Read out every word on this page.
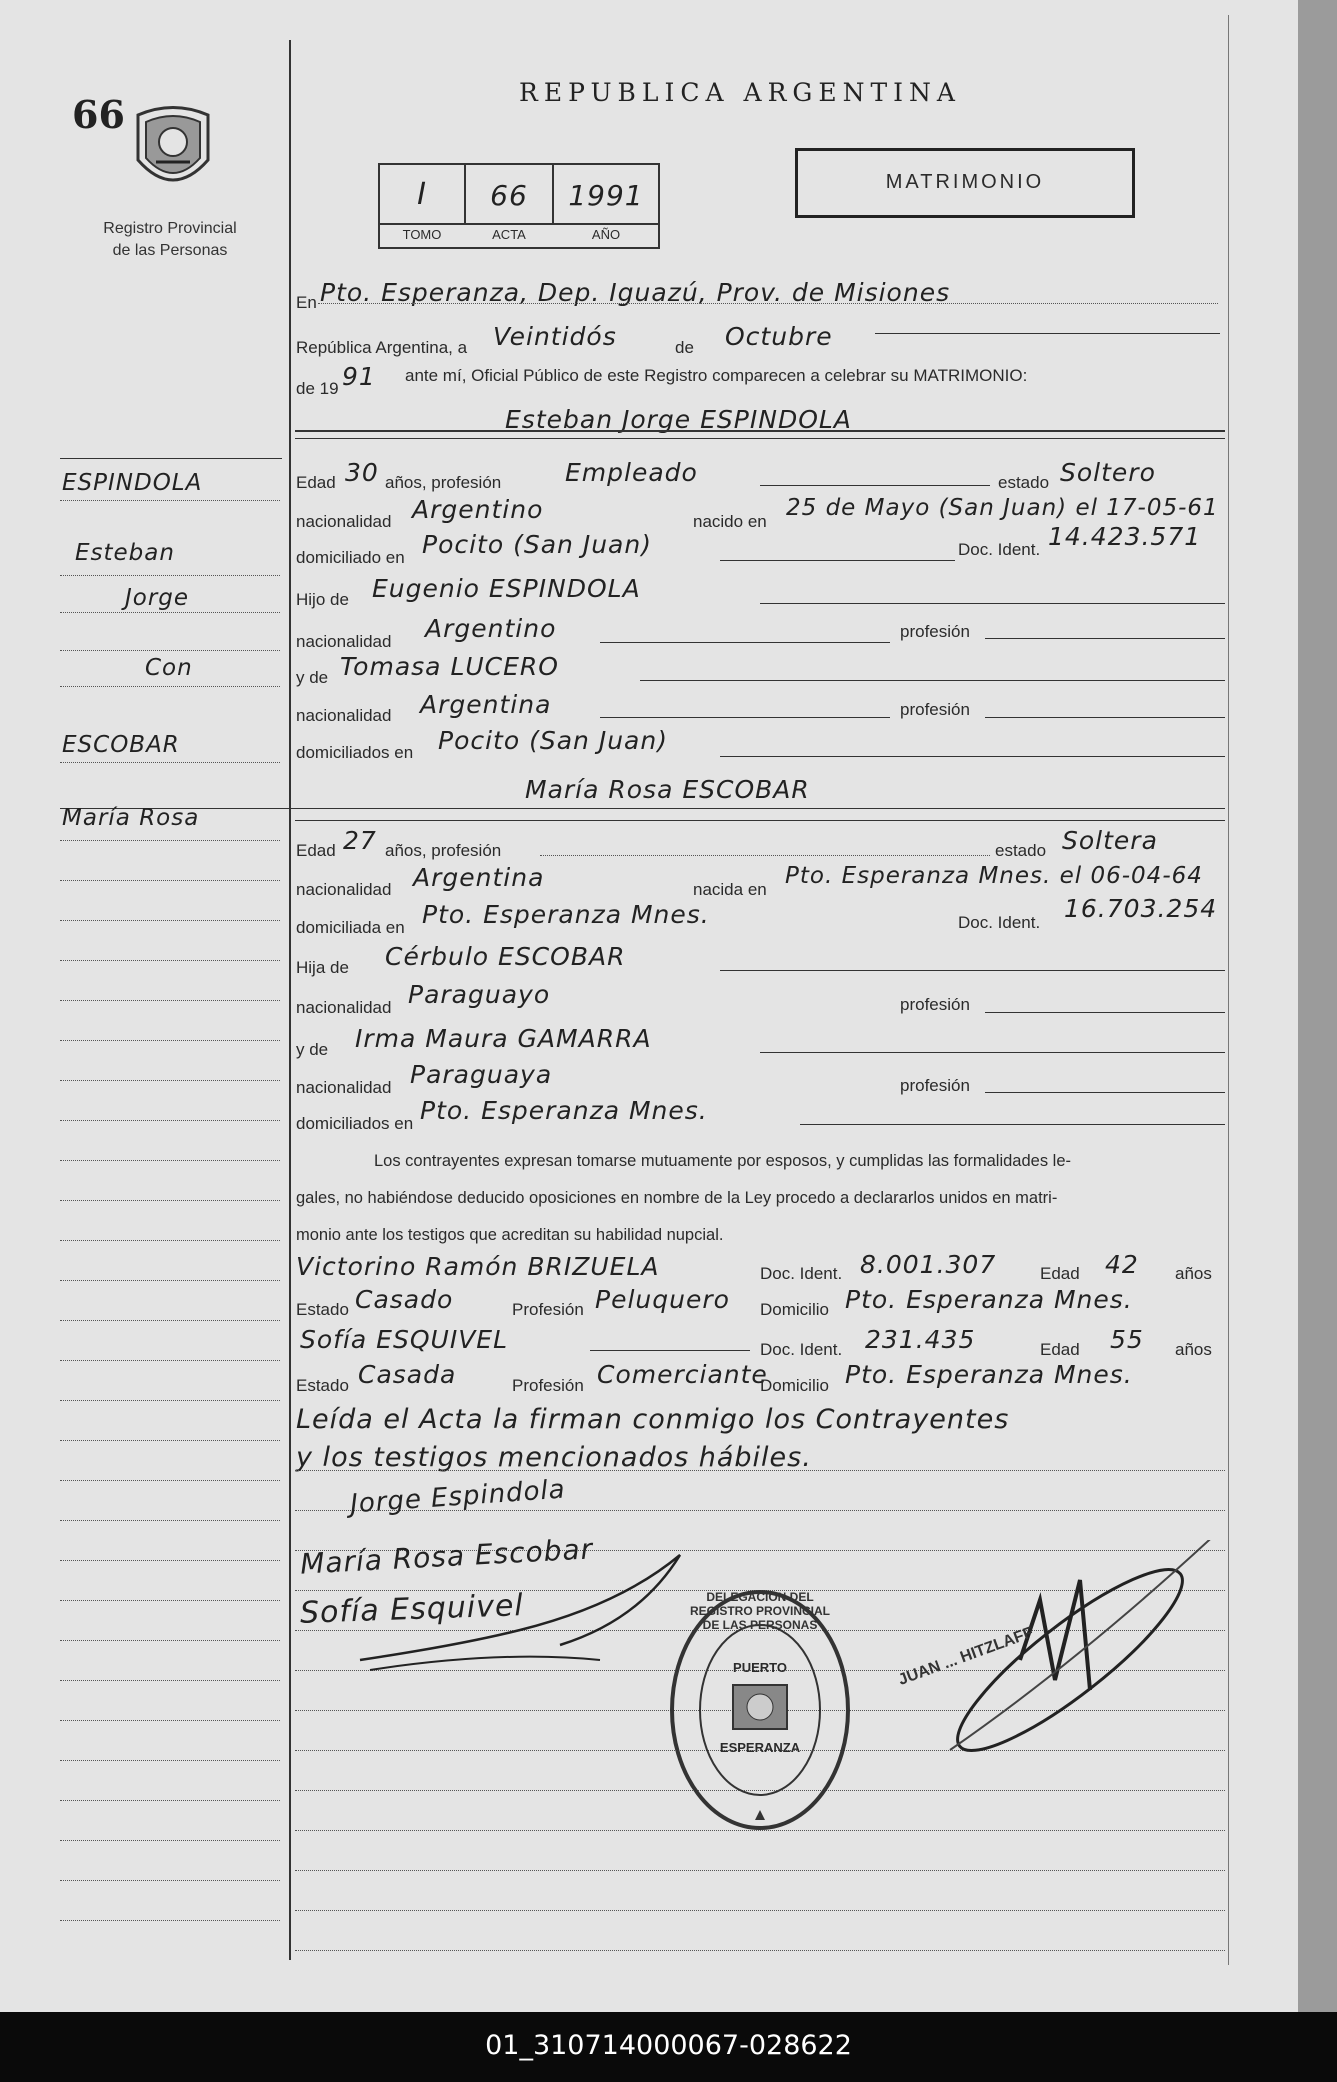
66
Registro Provincial
de las Personas
REPUBLICA ARGENTINA
I	66	1991
TOMO	ACTA	AÑO
MATRIMONIO
ESPINDOLA
Esteban
Jorge
Con
ESCOBAR
María Rosa
En Pto. Esperanza, Dep. Iguazú, Prov. de Misiones
República Argentina, a Veintidós	de Octubre
de 19 91 ante mí, Oficial Público de este Registro comparecen a celebrar su MATRIMONIO:
Esteban Jorge ESPINDOLA
Edad 30 años, profesión	Empleado	estado Soltero
nacionalidad Argentino	nacido en
25 de Mayo (San Juan) el 17-05-61
domiciliado en Pocito (San Juan)	Doc. Ident. 14.423.571
Hijo de Eugenio ESPINDOLA
nacionalidad Argentino	profesión
y de Tomasa LUCERO
nacionalidad Argentina	profesión
domiciliados en Pocito (San Juan)
María Rosa ESCOBAR
Edad 27 años, profesión	estado Soltera
nacionalidad Argentina	nacida en
Pto. Esperanza Mnes. el 06-04-64
domiciliada en Pto. Esperanza Mnes.	Doc. Ident. 16.703.254
Hija de Cérbulo ESCOBAR
nacionalidad Paraguayo	profesión
y de Irma Maura GAMARRA
nacionalidad Paraguaya	profesión
domiciliados en Pto. Esperanza Mnes.
Los contrayentes expresan tomarse mutuamente por esposos, y cumplidas las formalidades le-
gales, no habiéndose deducido oposiciones en nombre de la Ley procedo a declararlos unidos en matri-
monio ante los testigos que acreditan su habilidad nupcial.
Victorino Ramón BRIZUELA	Doc. Ident. 8.001.307	Edad 42 años
Estado Casado	Profesión Peluquero Domicilio Pto. Esperanza Mnes.
Sofía ESQUIVEL	Doc. Ident. 231.435	Edad 55 años
Estado Casada	Profesión Comerciante
Domicilio Pto. Esperanza Mnes.
Leída el Acta la firman conmigo los Contrayentes
y los testigos mencionados hábiles.
Jorge Espindola
María Rosa Escobar
Sofía Esquivel	DELEGACION DEL REGISTRO PROVINCIAL DE LAS PERSONAS
PUERTO
ESPERANZA
JUAN ... HITZLAFF
01_310714000067-028622
